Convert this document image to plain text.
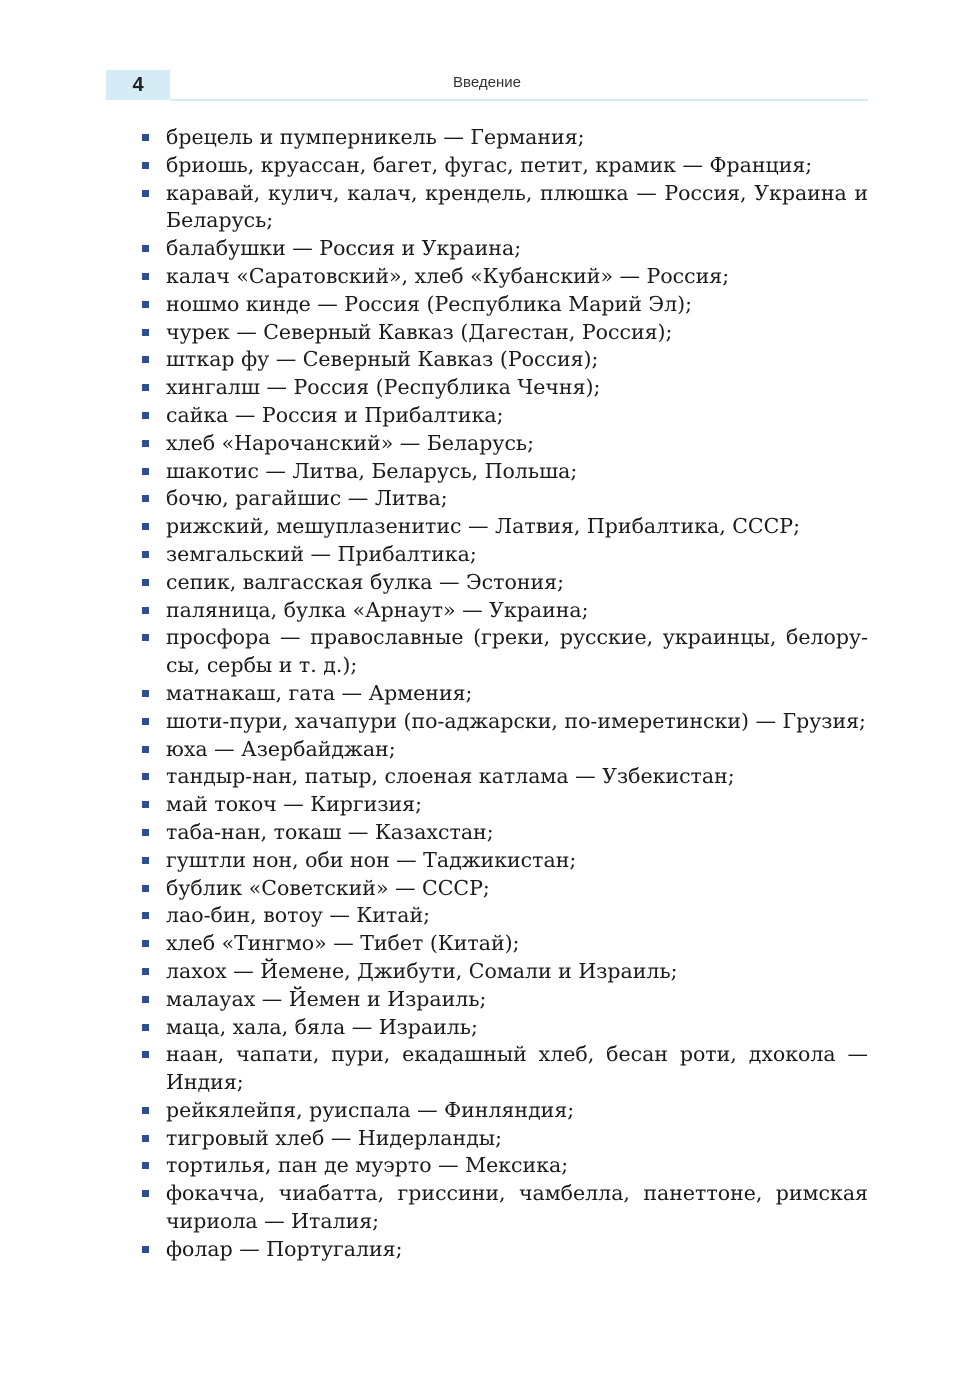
4	Введение
брецель и пумперникель — Германия;
бриошь, круассан, багет, фугас, петит, крамик — Франция;
каравай, кулич, калач, крендель, плюшка — Россия, Украина и Беларусь;
балабушки — Россия и Украина;
калач «Саратовский», хлеб «Кубанский» — Россия;
ношмо кинде — Россия (Республика Марий Эл);
чурек — Северный Кавказ (Дагестан, Россия);
шткар фу — Северный Кавказ (Россия);
хингалш — Россия (Республика Чечня);
сайка — Россия и Прибалтика;
хлеб «Нарочанский» — Беларусь;
шакотис — Литва, Беларусь, Польша;
бочю, рагайшис — Литва;
рижский, мешуплазенитис — Латвия, Прибалтика, СССР;
земгальский — Прибалтика;
сепик, валгасская булка — Эстония;
паляница, булка «Арнаут» — Украина;
просфора — православные (греки, русские, украинцы, белорусы, сербы и т. д.);
матнакаш, гата — Армения;
шоти-пури, хачапури (по-аджарски, по-имеретински) — Грузия;
юха — Азербайджан;
тандыр-нан, патыр, слоеная катлама — Узбекистан;
май токоч — Киргизия;
таба-нан, токаш — Казахстан;
гуштли нон, оби нон — Таджикистан;
бублик «Советский» — СССР;
лао-бин, вотоу — Китай;
хлеб «Тингмо» — Тибет (Китай);
лахох — Йемене, Джибути, Сомали и Израиль;
малауах — Йемен и Израиль;
маца, хала, бяла — Израиль;
наан, чапати, пури, екадашный хлеб, бесан роти, дхокола — Индия;
рейкялейпя, руиспала — Финляндия;
тигровый хлеб — Нидерланды;
тортилья, пан де муэрто — Мексика;
фокачча, чиабатта, гриссини, чамбелла, панеттоне, римская чириола — Италия;
фолар — Португалия;
